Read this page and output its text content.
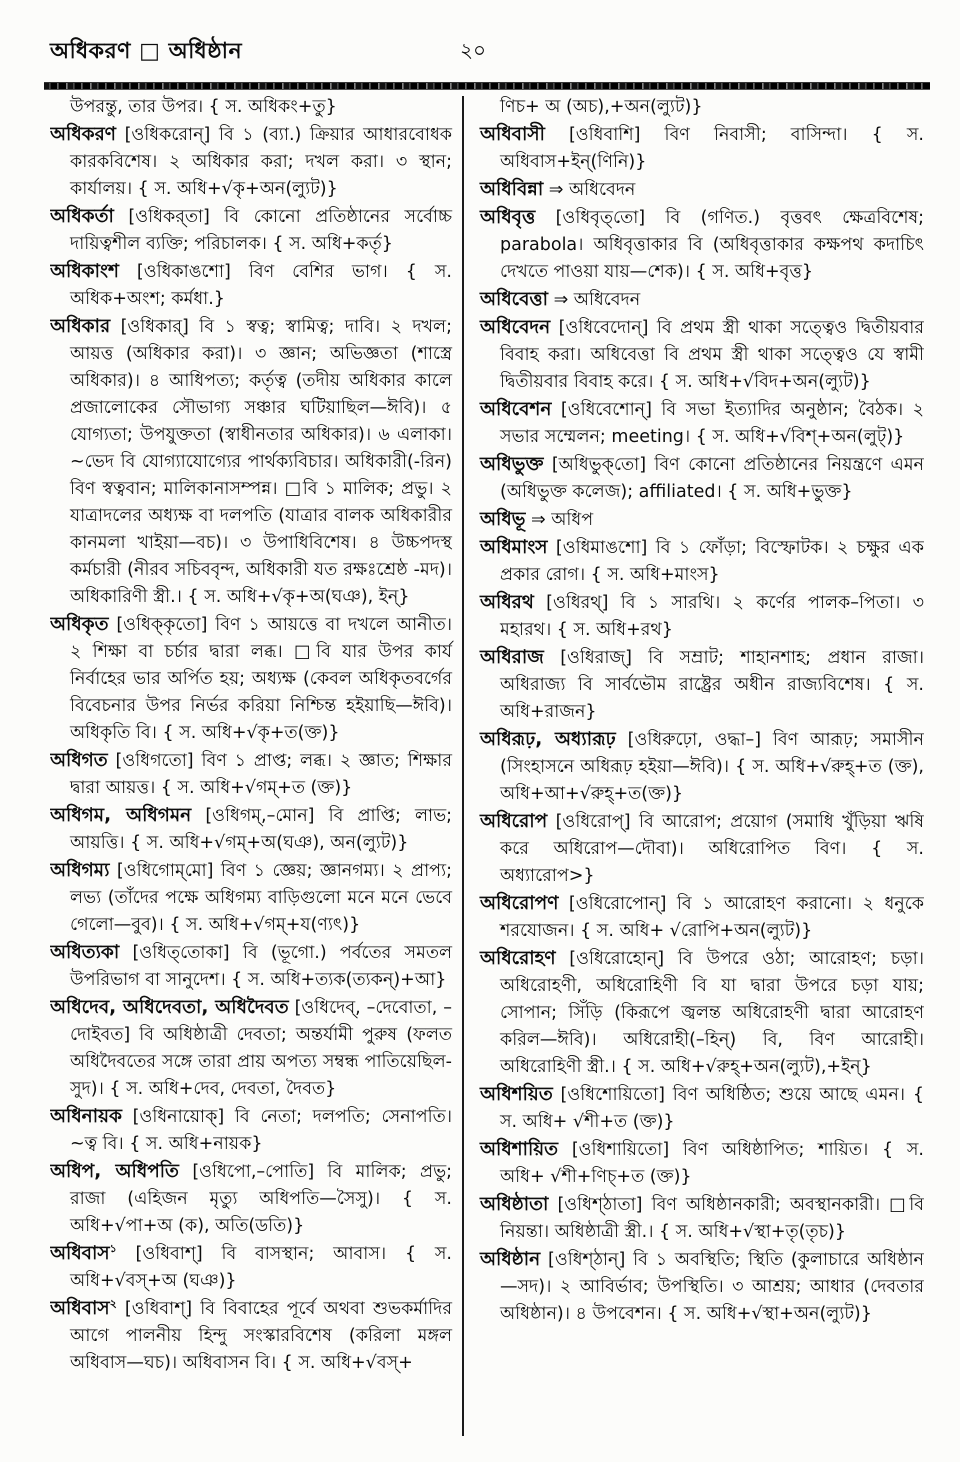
অধিকরণ □ অধিষ্ঠান	২০

উপরন্তু, তার উপর। { স. অধিকং+তু}

অধিকরণ [ওধিকরোন্] বি ১ (ব্যা.) ক্রিয়ার আধারবোধক কারকবিশেষ। ২ অধিকার করা; দখল করা। ৩ স্থান; কার্যালয়। { স. অধি+√কৃ+অন(ল্যুট)}

অধিকর্তা [ওধিকর্‌তা] বি কোনো প্রতিষ্ঠানের সর্বোচ্চ দায়িত্বশীল ব্যক্তি; পরিচালক। { স. অধি+কর্তৃ}

অধিকাংশ [ওধিকাঙশো] বিণ বেশির ভাগ। { স. অধিক+অংশ; কর্মধা.}

অধিকার [ওধিকার্] বি ১ স্বত্ব; স্বামিত্ব; দাবি। ২ দখল; আয়ত্ত (অধিকার করা)। ৩ জ্ঞান; অভিজ্ঞতা (শাস্ত্রে অধিকার)। ৪ আধিপত্য; কর্তৃত্ব (তদীয় অধিকার কালে প্রজালোকের সৌভাগ্য সঞ্চার ঘটিয়াছিল—ঈবি)। ৫ যোগ্যতা; উপযুক্ততা (স্বাধীনতার অধিকার)। ৬ এলাকা। ~ভেদ বি যোগ্যাযোগ্যের পার্থক্যবিচার। অধিকারী(-রিন) বিণ স্বত্ববান; মালিকানাসম্পন্ন। □বি ১ মালিক; প্রভু। ২ যাত্রাদলের অধ্যক্ষ বা দলপতি (যাত্রার বালক অধিকারীর কানমলা খাইয়া—বচ)। ৩ উপাধিবিশেষ। ৪ উচ্চপদস্থ কর্মচারী (নীরব সচিববৃন্দ, অধিকারী যত রক্ষঃশ্রেষ্ঠ -মদ)। অধিকারিণী স্ত্রী.। { স. অধি+√কৃ+অ(ঘঞ), ইন্}

অধিকৃত [ওধিক্‌কৃতো] বিণ ১ আয়ত্তে বা দখলে আনীত। ২ শিক্ষা বা চর্চার দ্বারা লব্ধ। □বি যার উপর কার্য নির্বাহের ভার অর্পিত হয়; অধ্যক্ষ (কেবল অধিকৃতবর্গের বিবেচনার উপর নির্ভর করিয়া নিশ্চিন্ত হইয়াছি—ঈবি)। অধিকৃতি বি। { স. অধি+√কৃ+ত(ক্ত)}

অধিগত [ওধিগতো] বিণ ১ প্রাপ্ত; লব্ধ। ২ জ্ঞাত; শিক্ষার দ্বারা আয়ত্ত। { স. অধি+√গম্+ত (ক্ত)}

অধিগম, অধিগমন [ওধিগম্,–মোন] বি প্রাপ্তি; লাভ; আয়ত্তি। { স. অধি+√গম্+অ(ঘঞ), অন(ল্যুট)}

অধিগম্য [ওধিগোম্‌মো] বিণ ১ জ্ঞেয়; জ্ঞানগম্য। ২ প্রাপ্য; লভ্য (তাঁদের পক্ষে অধিগম্য বাড়িগুলো মনে মনে ভেবে গেলো—বুব)। { স. অধি+√গম্+য(ণ্যৎ)}

অধিত্যকা [ওধিত্‌তোকা] বি (ভূগো.) পর্বতের সমতল উপরিভাগ বা সানুদেশ। { স. অধি+ত্যক(ত্যকন্)+আ}

অধিদেব, অধিদেবতা, অধিদৈবত [ওধিদেব্, –দেবোতা, –দোইবত] বি অধিষ্ঠাত্রী দেবতা; অন্তর্যামী পুরুষ (ফলত অধিদৈবতের সঙ্গে তারা প্রায় অপত্য সম্বন্ধ পাতিয়েছিল- সুদ)। { স. অধি+দেব, দেবতা, দৈবত}

অধিনায়ক [ওধিনায়োক্] বি নেতা; দলপতি; সেনাপতি। ~ত্ব বি। { স. অধি+নায়ক}

অধিপ, অধিপতি [ওধিপো,–পোতি] বি মালিক; প্রভু; রাজা (এহিজন মৃত্যু অধিপতি—সৈসু)। { স. অধি+√পা+অ (ক), অতি(ডতি)}

অধিবাস$^১$ [ওধিবাশ্] বি বাসস্থান; আবাস। { স. অধি+√বস্+অ (ঘঞ)}

অধিবাস$^২$ [ওধিবাশ্] বি বিবাহের পূর্বে অথবা শুভকর্মাদির আগে পালনীয় হিন্দু সংস্কারবিশেষ (করিলা মঙ্গল অধিবাস—ঘচ)। অধিবাসন বি। { স. অধি+√বস্+

ণিচ+ অ (অচ),+অন(ল্যুট)}

অধিবাসী [ওধিবাশি] বিণ নিবাসী; বাসিন্দা। { স. অধিবাস+ইন্(ণিনি)}

অধিবিন্না ⇒ অধিবেদন

অধিবৃত্ত [ওধিবৃত্‌তো] বি (গণিত.) বৃত্তবৎ ক্ষেত্রবিশেষ; parabola। অধিবৃত্তাকার বি (অধিবৃত্তাকার কক্ষপথ কদাচিৎ দেখতে পাওয়া যায়—শেক)। { স. অধি+বৃত্ত}

অধিবেত্তা ⇒ অধিবেদন

অধিবেদন [ওধিবেদোন্] বি প্রথম স্ত্রী থাকা সত্ত্বেও দ্বিতীয়বার বিবাহ করা। অধিবেত্তা বি প্রথম স্ত্রী থাকা সত্ত্বেও যে স্বামী দ্বিতীয়বার বিবাহ করে। { স. অধি+√বিদ+অন(ল্যুট)}

অধিবেশন [ওধিবেশোন্] বি সভা ইত্যাদির অনুষ্ঠান; বৈঠক। ২ সভার সম্মেলন; meeting। { স. অধি+√বিশ্+অন(লুট্)}

অধিভুক্ত [অধিভুক্‌তো] বিণ কোনো প্রতিষ্ঠানের নিয়ন্ত্রণে এমন (অধিভুক্ত কলেজ); affiliated। { স. অধি+ভুক্ত}

অধিভূ ⇒ অধিপ

অধিমাংস [ওধিমাঙশো] বি ১ ফোঁড়া; বিস্ফোটক। ২ চক্ষুর এক প্রকার রোগ। { স. অধি+মাংস}

অধিরথ [ওধিরথ্] বি ১ সারথি। ২ কর্ণের পালক–পিতা। ৩ মহারথ। { স. অধি+রথ}

অধিরাজ [ওধিরাজ্] বি সম্রাট; শাহানশাহ; প্রধান রাজা। অধিরাজ্য বি সার্বভৌম রাষ্ট্রের অধীন রাজ্যবিশেষ। { স. অধি+রাজন}

অধিরূঢ়, অধ্যারূঢ় [ওধিরুঢ়ো, ওদ্ধা–] বিণ আরূঢ়; সমাসীন (সিংহাসনে অধিরূঢ় হইয়া—ঈবি)। { স. অধি+√রুহ্+ত (ক্ত), অধি+আ+√রুহ্+ত(ক্ত)}

অধিরোপ [ওধিরোপ্] বি আরোপ; প্রয়োগ (সমাধি খুঁড়িয়া ঋষি করে অধিরোপ—দৌবা)। অধিরোপিত বিণ। { স. অধ্যারোপ>}

অধিরোপণ [ওধিরোপোন্] বি ১ আরোহণ করানো। ২ ধনুকে শরযোজন। { স. অধি+ √রোপি+অন(ল্যুট)}

অধিরোহণ [ওধিরোহোন্] বি উপরে ওঠা; আরোহণ; চড়া। অধিরোহণী, অধিরোহিণী বি যা দ্বারা উপরে চড়া যায়; সোপান; সিঁড়ি (কিরূপে জ্বলন্ত অধিরোহণী দ্বারা আরোহণ করিল—ঈবি)। অধিরোহী(–হিন্) বি, বিণ আরোহী। অধিরোহিণী স্ত্রী.। { স. অধি+√রুহ্+অন(ল্যুট),+ইন্}

অধিশয়িত [ওধিশোয়িতো] বিণ অধিষ্ঠিত; শুয়ে আছে এমন। { স. অধি+ √শী+ত (ক্ত)}

অধিশায়িত [ওধিশায়িতো] বিণ অধিষ্ঠাপিত; শায়িত। { স. অধি+ √শী+ণিচ্+ত (ক্ত)}

অধিষ্ঠাতা [ওধিশ্‌ঠাতা] বিণ অধিষ্ঠানকারী; অবস্থানকারী। □বি নিয়ন্তা। অধিষ্ঠাত্রী স্ত্রী.। { স. অধি+√স্থা+তৃ(তৃচ)}

অধিষ্ঠান [ওধিশ্‌ঠান্] বি ১ অবস্থিতি; স্থিতি (কুলাচারে অধিষ্ঠান—সদ)। ২ আবির্ভাব; উপস্থিতি। ৩ আশ্রয়; আধার (দেবতার অধিষ্ঠান)। ৪ উপবেশন। { স. অধি+√স্থা+অন(ল্যুট)}
